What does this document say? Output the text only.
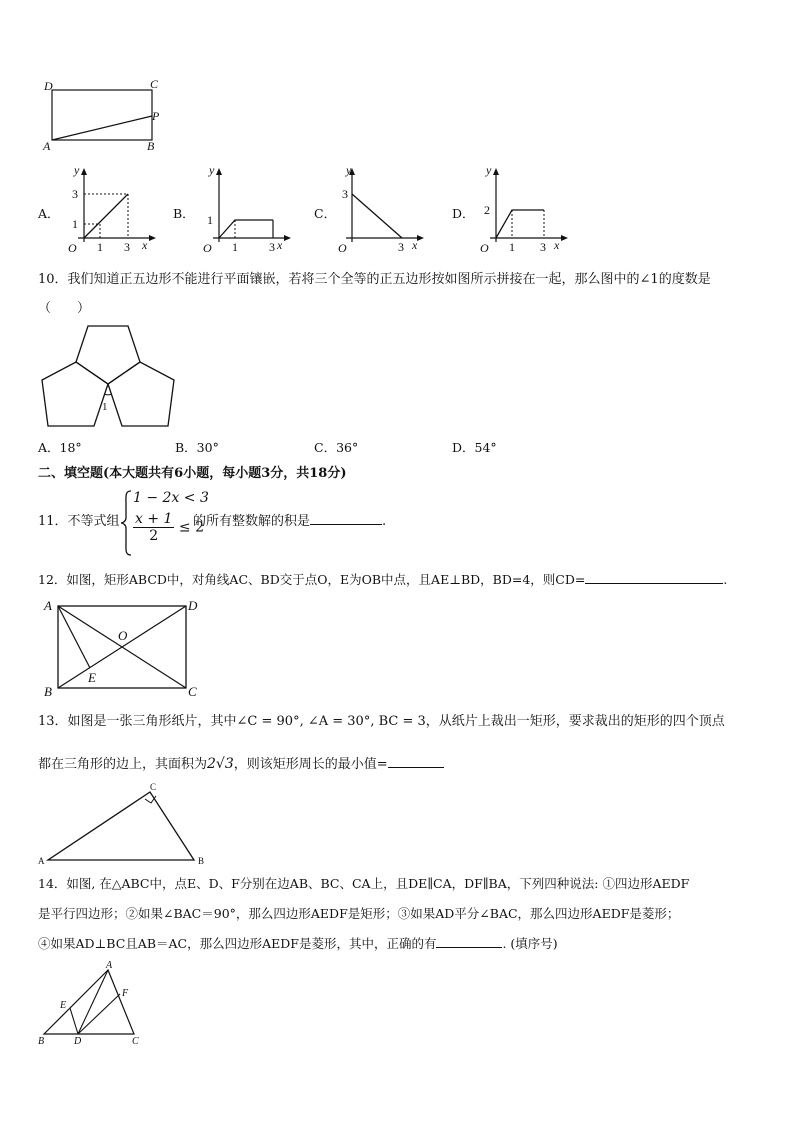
D	C
P
A	B
A．
y
x
O
3
1
1 3
B．
y
x
O
1
1	3
C．
y
x
O
3
3
D．
y
x
O
2
1 3
10．我们知道正五边形不能进行平面镶嵌，若将三个全等的正五边形按如图所示拼接在一起，那么图中的∠1的度数是
（　　）
1
A．18°	B．30°	C．36°	D．54°
二、填空题(本大题共有6小题，每小题3分，共18分)
11．不等式组
1 − 2x < 3
$\frac{x + 1}{2} \le 2$
的所有整数解的积是	.
12．如图，矩形ABCD中，对角线AC、BD交于点O，E为OB中点，且AE⊥BD，BD=4，则CD=	.
A	D
O
E
B	C
13．如图是一张三角形纸片，其中∠C = 90°, ∠A = 30°, BC = 3，从纸片上裁出一矩形，要求裁出的矩形的四个顶点
都在三角形的边上，其面积为2√3，则该矩形周长的最小值=
C
A	B
14．如图, 在△ABC中，点E、D、F分别在边AB、BC、CA上，且DE∥CA，DF∥BA，下列四种说法: ①四边形AEDF
是平行四边形；②如果∠BAC＝90°，那么四边形AEDF是矩形；③如果AD平分∠BAC，那么四边形AEDF是菱形；
④如果AD⊥BC且AB＝AC，那么四边形AEDF是菱形，其中，正确的有	. (填序号)
A
E
F
B	D	C
